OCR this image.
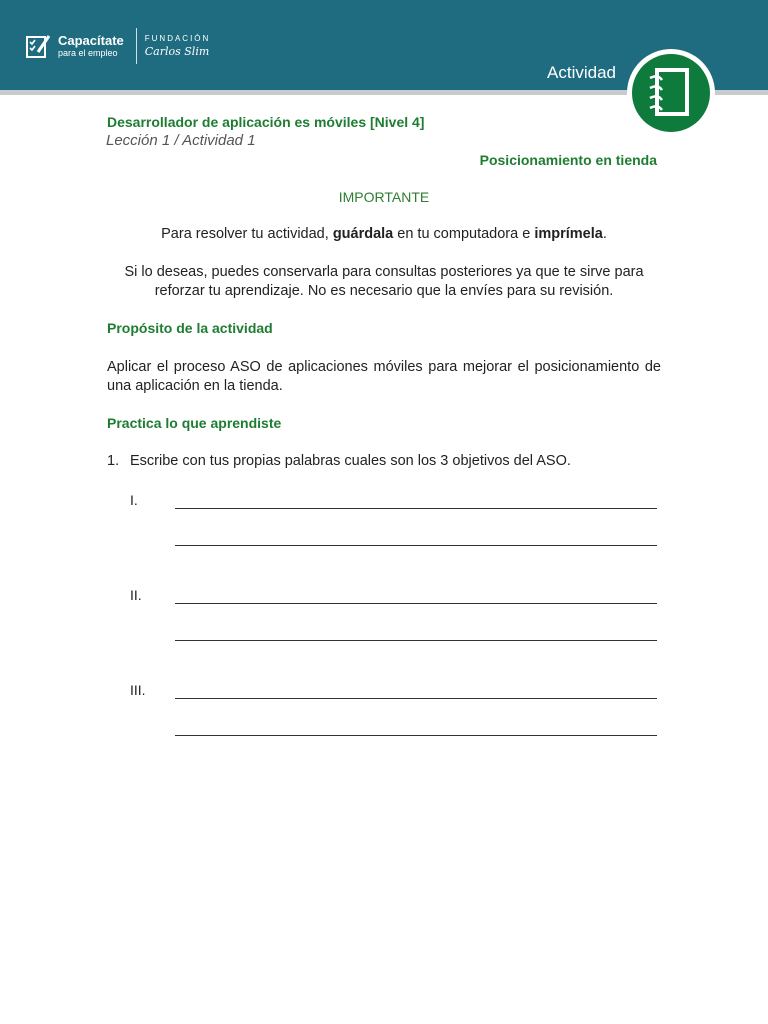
Capacítate
para el empleo
FUNDACIÓN
Carlos Slim
Actividad
Desarrollador de aplicación es móviles [Nivel 4]
Lección 1 / Actividad 1
Posicionamiento en tienda
IMPORTANTE
Para resolver tu actividad, guárdala en tu computadora e imprímela.
Si lo deseas, puedes conservarla para consultas posteriores ya que te sirve para reforzar tu aprendizaje. No es necesario que la envíes para su revisión.
Propósito de la actividad
Aplicar el proceso ASO de aplicaciones móviles para mejorar el posicionamiento de una aplicación en la tienda.
Practica lo que aprendiste
1. Escribe con tus propias palabras cuales son los 3 objetivos del ASO.
I.
II.
III.
